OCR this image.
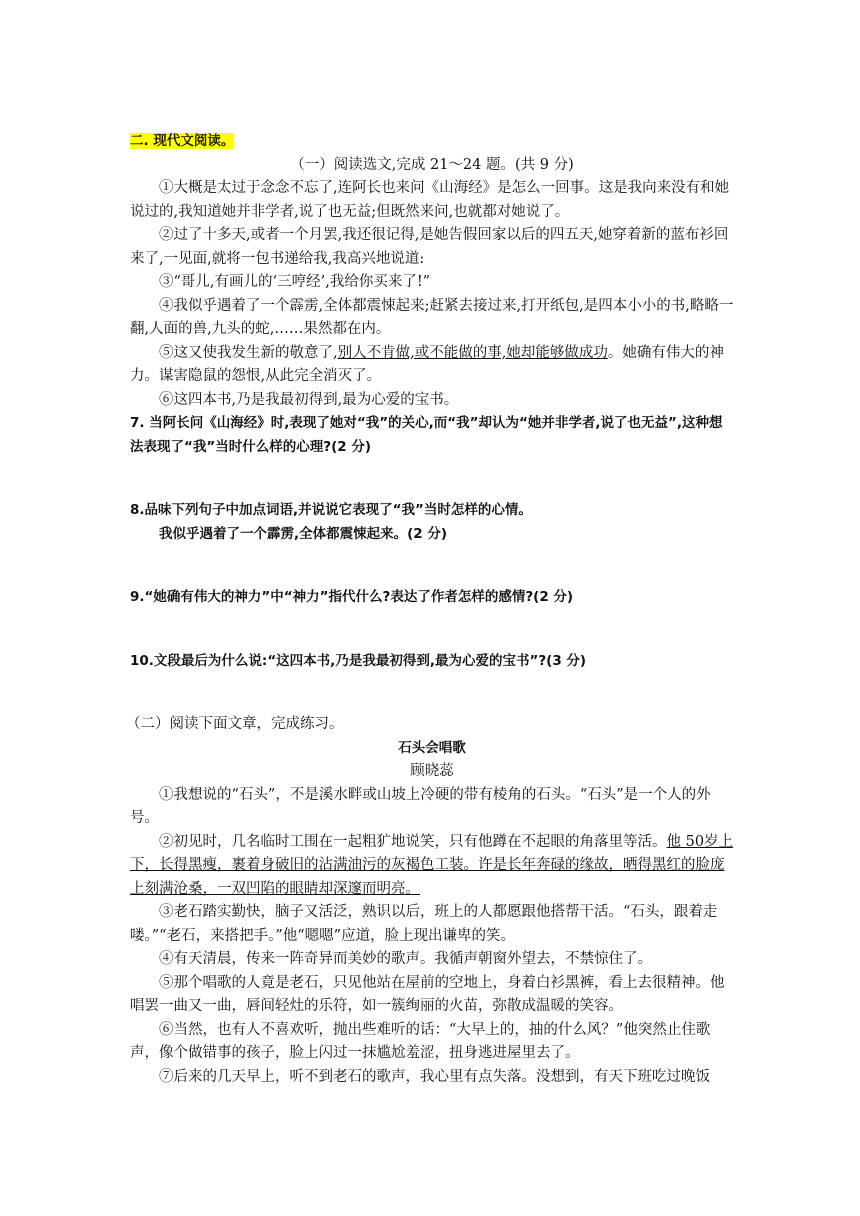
二. 现代文阅读。

（一）阅读选文,完成 21～24 题。(共 9 分)

①大概是太过于念念不忘了,连阿长也来问《山海经》是怎么一回事。这是我向来没有和她说过的,我知道她并非学者,说了也无益;但既然来问,也就都对她说了。

②过了十多天,或者一个月罢,我还很记得,是她告假回家以后的四五天,她穿着新的蓝布衫回来了,一见面,就将一包书递给我,我高兴地说道:

③“哥儿,有画儿的‘三哼经’,我给你买来了!”

④我似乎遇着了一个霹雳,全体都震悚起来;赶紧去接过来,打开纸包,是四本小小的书,略略一翻,人面的兽,九头的蛇,……果然都在内。

⑤这又使我发生新的敬意了,别人不肯做,或不能做的事,她却能够做成功。她确有伟大的神力。谋害隐鼠的怨恨,从此完全消灭了。

⑥这四本书,乃是我最初得到,最为心爱的宝书。

7. 当阿长问《山海经》时,表现了她对“我”的关心,而“我”却认为“她并非学者,说了也无益”,这种想法表现了“我”当时什么样的心理?(2 分)

8.品味下列句子中加点词语,并说说它表现了“我”当时怎样的心情。

我似乎遇着了一个霹雳,全体都震悚起来。(2 分)

9.“她确有伟大的神力”中“神力”指代什么?表达了作者怎样的感情?(2 分)

10.文段最后为什么说:“这四本书,乃是我最初得到,最为心爱的宝书”?(3 分)

（二）阅读下面文章，完成练习。

石头会唱歌

顾晓蕊

①我想说的“石头”，不是溪水畔或山坡上冷硬的带有棱角的石头。“石头”是一个人的外号。

②初见时，几名临时工围在一起粗犷地说笑，只有他蹲在不起眼的角落里等活。他 50岁上下，长得黑瘦，裹着身破旧的沾满油污的灰褐色工装。许是长年奔碌的缘故，晒得黑红的脸庞上刻满沧桑，一双凹陷的眼睛却深邃而明亮。

③老石踏实勤快，脑子又活泛，熟识以后，班上的人都愿跟他搭帮干活。“石头，跟着走喽。”“老石，来搭把手。”他“嗯嗯”应道，脸上现出谦卑的笑。

④有天清晨，传来一阵奇异而美妙的歌声。我循声朝窗外望去，不禁惊住了。

⑤那个唱歌的人竟是老石，只见他站在屋前的空地上，身着白衫黑裤，看上去很精神。他唱罢一曲又一曲，唇间轻灶的乐符，如一簇绚丽的火苗，弥散成温暖的笑容。

⑥当然，也有人不喜欢听，抛出些难听的话：“大早上的，抽的什么风？”他突然止住歌声，像个做错事的孩子，脸上闪过一抹尴尬羞涩，扭身逃进屋里去了。

⑦后来的几天早上，听不到老石的歌声，我心里有点失落。没想到，有天下班吃过晚饭
